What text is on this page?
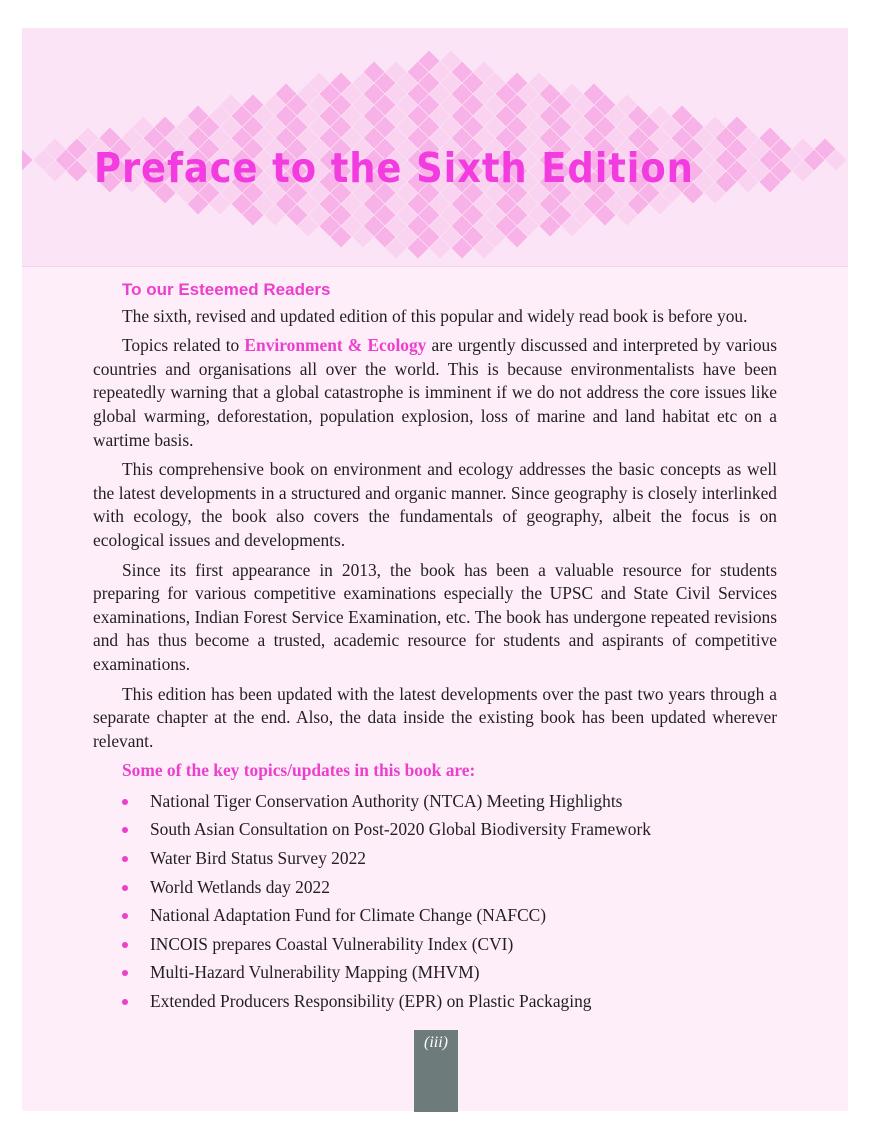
Preface to the Sixth Edition
To our Esteemed Readers

The sixth, revised and updated edition of this popular and widely read book is before you.

Topics related to Environment & Ecology are urgently discussed and interpreted by various countries and organisations all over the world. This is because environmentalists have been repeatedly warning that a global catastrophe is imminent if we do not address the core issues like global warming, deforestation, population explosion, loss of marine and land habitat etc on a wartime basis.

This comprehensive book on environment and ecology addresses the basic concepts as well the latest developments in a structured and organic manner. Since geography is closely interlinked with ecology, the book also covers the fundamentals of geography, albeit the focus is on ecological issues and developments.

Since its first appearance in 2013, the book has been a valuable resource for students preparing for various competitive examinations especially the UPSC and State Civil Services examinations, Indian Forest Service Examination, etc. The book has undergone repeated revisions and has thus become a trusted, academic resource for students and aspirants of competitive examinations.

This edition has been updated with the latest developments over the past two years through a separate chapter at the end. Also, the data inside the existing book has been updated wherever relevant.

Some of the key topics/updates in this book are:
National Tiger Conservation Authority (NTCA) Meeting Highlights
South Asian Consultation on Post-2020 Global Biodiversity Framework
Water Bird Status Survey 2022
World Wetlands day 2022
National Adaptation Fund for Climate Change (NAFCC)
INCOIS prepares Coastal Vulnerability Index (CVI)
Multi-Hazard Vulnerability Mapping (MHVM)
Extended Producers Responsibility (EPR) on Plastic Packaging
(iii)
